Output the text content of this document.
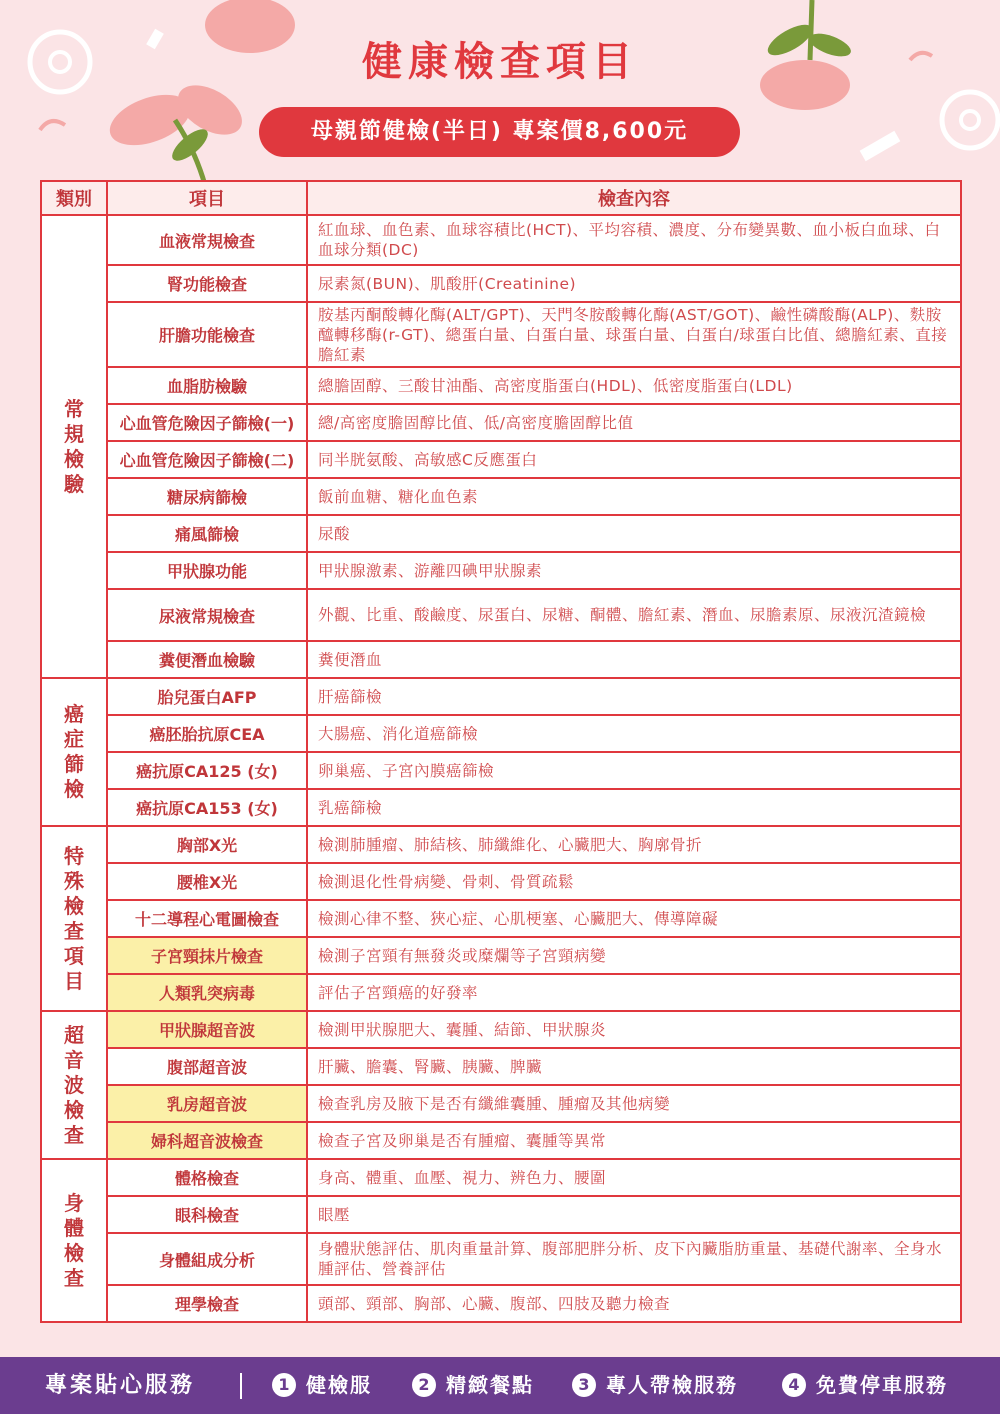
健康檢查項目
母親節健檢(半日) 專案價8,600元
類別	項目	檢查內容
常規檢驗	血液常規檢查	紅血球、血色素、血球容積比(HCT)、平均容積、濃度、分布變異數、血小板白血球、白血球分類(DC)
	腎功能檢查	尿素氮(BUN)、肌酸肝(Creatinine)
	肝膽功能檢查	胺基丙酮酸轉化酶(ALT/GPT)、天門冬胺酸轉化酶(AST/GOT)、鹼性磷酸酶(ALP)、麩胺醯轉移酶(r-GT)、總蛋白量、白蛋白量、球蛋白量、白蛋白/球蛋白比值、總膽紅素、直接膽紅素
	血脂肪檢驗	總膽固醇、三酸甘油酯、高密度脂蛋白(HDL)、低密度脂蛋白(LDL)
	心血管危險因子篩檢(一)	總/高密度膽固醇比值、低/高密度膽固醇比值
	心血管危險因子篩檢(二)	同半胱氨酸、高敏感C反應蛋白
	糖尿病篩檢	飯前血糖、糖化血色素
	痛風篩檢	尿酸
	甲狀腺功能	甲狀腺激素、游離四碘甲狀腺素
	尿液常規檢查	外觀、比重、酸鹼度、尿蛋白、尿糖、酮體、膽紅素、潛血、尿膽素原、尿液沉渣鏡檢
	糞便潛血檢驗	糞便潛血
癌症篩檢	胎兒蛋白AFP	肝癌篩檢
	癌胚胎抗原CEA	大腸癌、消化道癌篩檢
	癌抗原CA125 (女)	卵巢癌、子宮內膜癌篩檢
	癌抗原CA153 (女)	乳癌篩檢
特殊檢查項目	胸部X光	檢測肺腫瘤、肺結核、肺纖維化、心臟肥大、胸廓骨折
	腰椎X光	檢測退化性骨病變、骨刺、骨質疏鬆
	十二導程心電圖檢查	檢測心律不整、狹心症、心肌梗塞、心臟肥大、傳導障礙
	子宮頸抹片檢查	檢測子宮頸有無發炎或糜爛等子宮頸病變
	人類乳突病毒	評估子宮頸癌的好發率
超音波檢查	甲狀腺超音波	檢測甲狀腺肥大、囊腫、結節、甲狀腺炎
	腹部超音波	肝臟、膽囊、腎臟、胰臟、脾臟
	乳房超音波	檢查乳房及腋下是否有纖維囊腫、腫瘤及其他病變
	婦科超音波檢查	檢查子宮及卵巢是否有腫瘤、囊腫等異常
身體檢查	體格檢查	身高、體重、血壓、視力、辨色力、腰圍
	眼科檢查	眼壓
	身體組成分析	身體狀態評估、肌肉重量計算、腹部肥胖分析、皮下內臟脂肪重量、基礎代謝率、全身水腫評估、營養評估
	理學檢查	頭部、頸部、胸部、心臟、腹部、四肢及聽力檢查
專案貼心服務	1 健檢服	2 精緻餐點	3 專人帶檢服務	4 免費停車服務
